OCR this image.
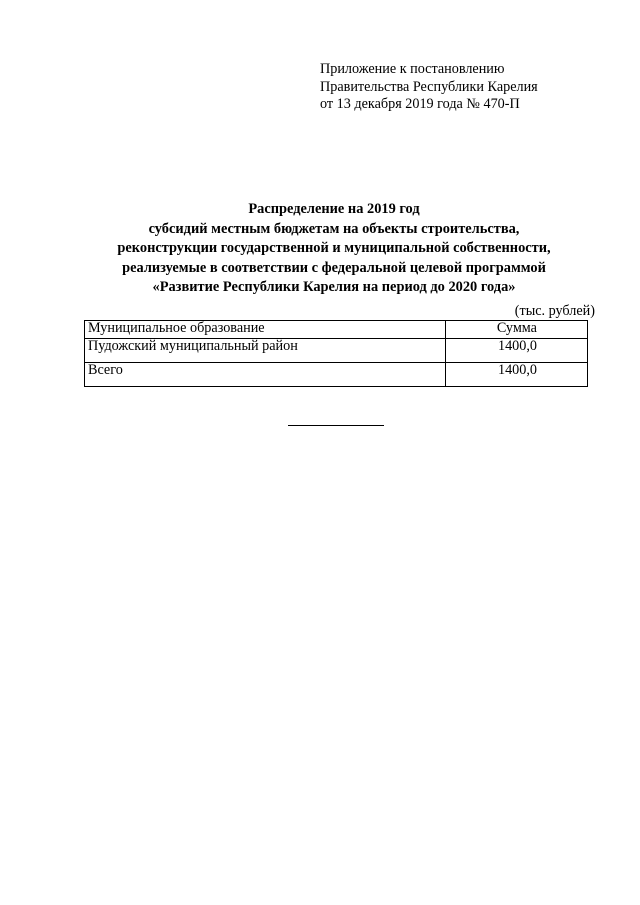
Приложение к постановлению
Правительства Республики Карелия
от 13 декабря 2019 года № 470-П
Распределение на 2019 год
субсидий местным бюджетам на объекты строительства,
реконструкции государственной и муниципальной собственности,
реализуемые в соответствии с федеральной целевой программой
«Развитие Республики Карелия на период до 2020 года»
(тыс. рублей)
Муниципальное образование	Сумма
Пудожский муниципальный район	1400,0
Всего	1400,0
